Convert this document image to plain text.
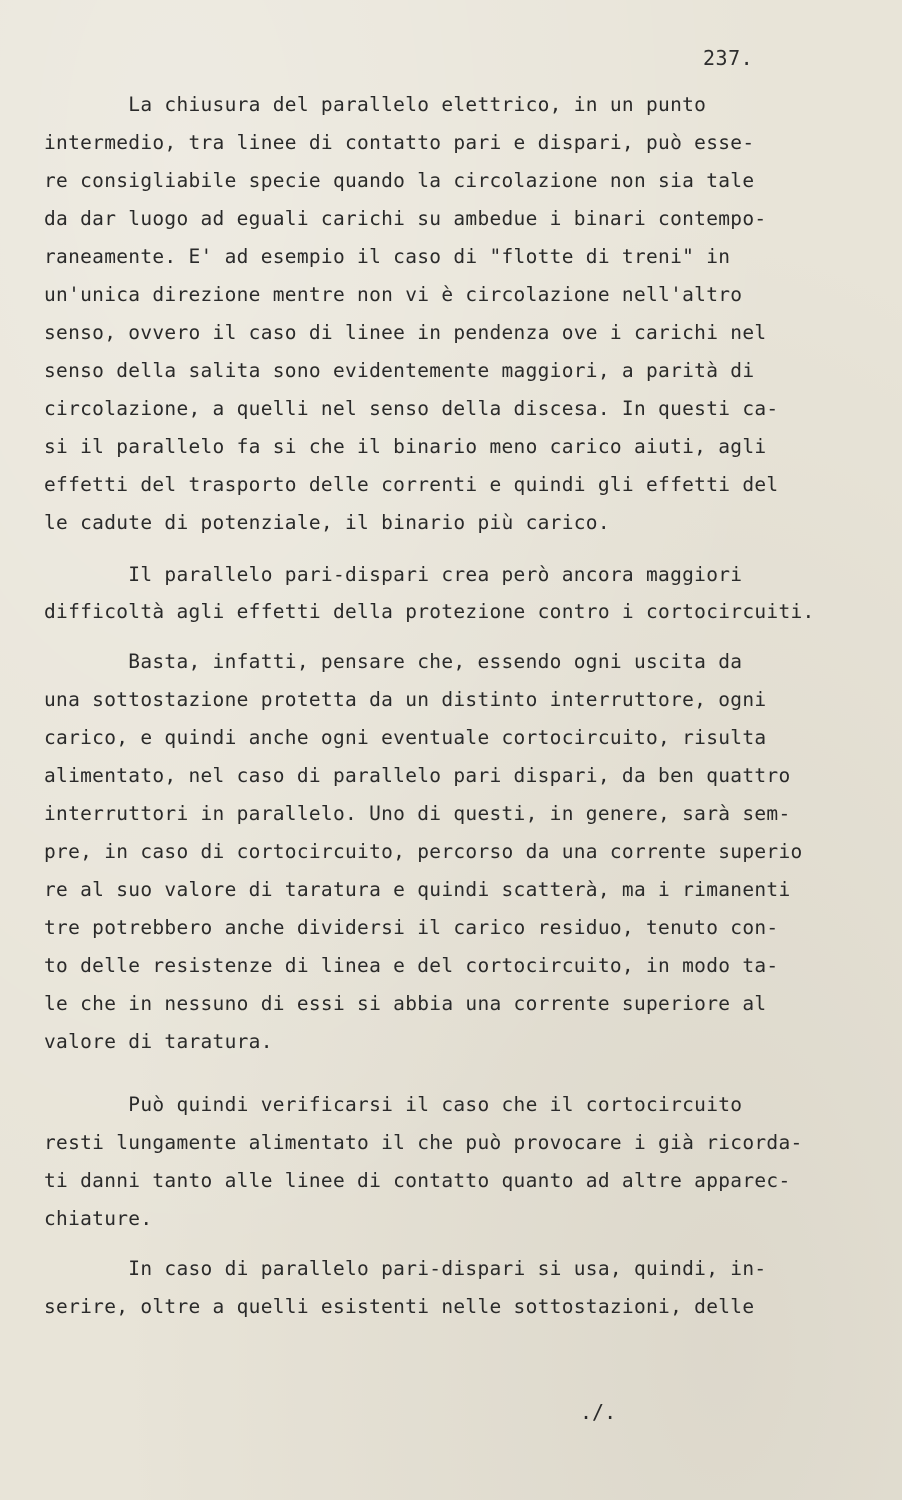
237.

La chiusura del parallelo elettrico, in un punto

intermedio, tra linee di contatto pari e dispari, può esse-

re consigliabile specie quando la circolazione non sia tale

da dar luogo ad eguali carichi su ambedue i binari contempo-

raneamente. E' ad esempio il caso di "flotte di treni" in

un'unica direzione mentre non vi è circolazione nell'altro

senso, ovvero il caso di linee in pendenza ove i carichi nel

senso della salita sono evidentemente maggiori, a parità di

circolazione, a quelli nel senso della discesa. In questi ca-

si il parallelo fa si che il binario meno carico aiuti, agli

effetti del trasporto delle correnti e quindi gli effetti del

le cadute di potenziale, il binario più carico.

Il parallelo pari-dispari crea però ancora maggiori

difficoltà agli effetti della protezione contro i cortocircuiti.

Basta, infatti, pensare che, essendo ogni uscita da

una sottostazione protetta da un distinto interruttore, ogni

carico, e quindi anche ogni eventuale cortocircuito, risulta

alimentato, nel caso di parallelo pari dispari, da ben quattro

interruttori in parallelo. Uno di questi, in genere, sarà sem-

pre, in caso di cortocircuito, percorso da una corrente superio

re al suo valore di taratura e quindi scatterà, ma i rimanenti

tre potrebbero anche dividersi il carico residuo, tenuto con-

to delle resistenze di linea e del cortocircuito, in modo ta-

le che in nessuno di essi si abbia una corrente superiore al

valore di taratura.

Può quindi verificarsi il caso che il cortocircuito

resti lungamente alimentato il che può provocare i già ricorda-

ti danni tanto alle linee di contatto quanto ad altre apparec-

chiature.

In caso di parallelo pari-dispari si usa, quindi, in-

serire, oltre a quelli esistenti nelle sottostazioni, delle

./.
